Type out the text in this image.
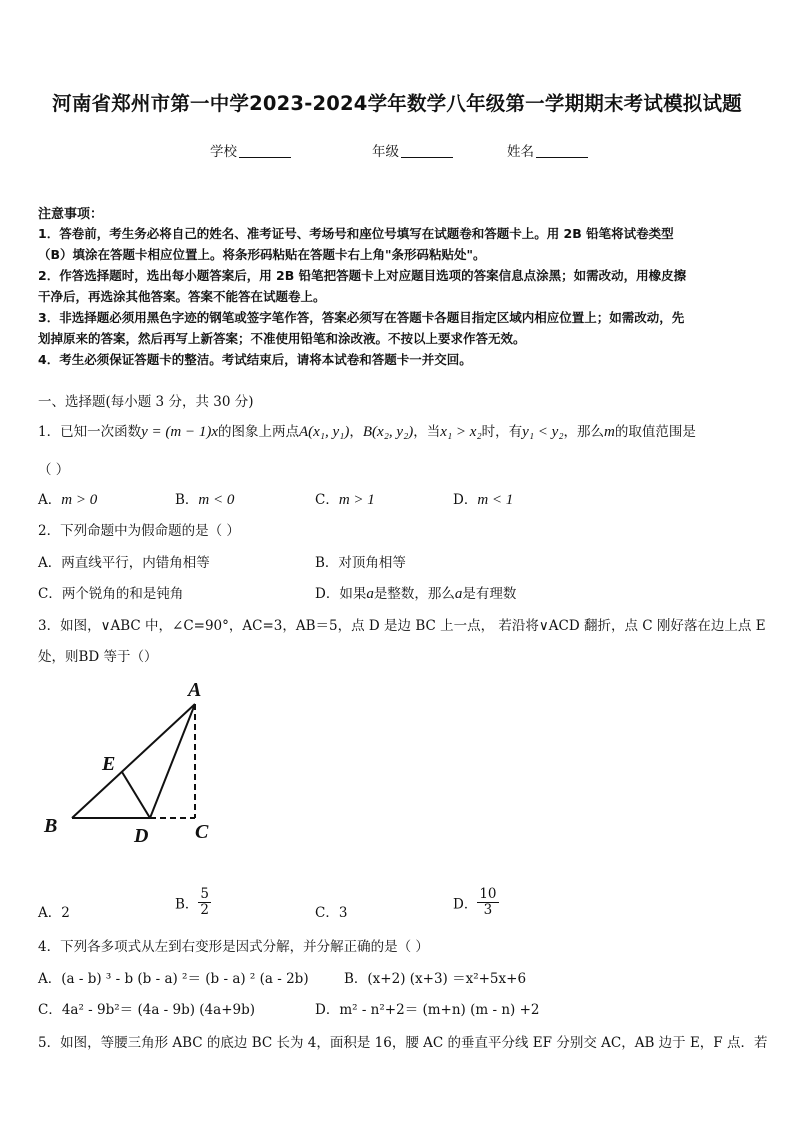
河南省郑州市第一中学2023-2024学年数学八年级第一学期期末考试模拟试题
学校	年级	姓名
注意事项：
1．答卷前，考生务必将自己的姓名、准考证号、考场号和座位号填写在试题卷和答题卡上。用 2B 铅笔将试卷类型
（B）填涂在答题卡相应位置上。将条形码粘贴在答题卡右上角"条形码粘贴处"。
2．作答选择题时，选出每小题答案后，用 2B 铅笔把答题卡上对应题目选项的答案信息点涂黑；如需改动，用橡皮擦
干净后，再选涂其他答案。答案不能答在试题卷上。
3．非选择题必须用黑色字迹的钢笔或签字笔作答，答案必须写在答题卡各题目指定区域内相应位置上；如需改动，先
划掉原来的答案，然后再写上新答案；不准使用铅笔和涂改液。不按以上要求作答无效。
4．考生必须保证答题卡的整洁。考试结束后，请将本试卷和答题卡一并交回。
一、选择题(每小题 3 分，共 30 分)
1．已知一次函数y = (m − 1)x的图象上两点A(x₁, y₁)，B(x₂, y₂)，当x₁ > x₂时，有y₁ < y₂，那么m的取值范围是
（ ）
A．m > 0	B．m < 0	C．m > 1	D．m < 1
2．下列命题中为假命题的是（ ）
A．两直线平行，内错角相等	B．对顶角相等
C．两个锐角的和是钝角	D．如果a是整数，那么a是有理数
3．如图，∨ABC 中，∠C=90°，AC=3，AB＝5，点 D 是边 BC 上一点， 若沿将∨ACD 翻折，点 C 刚好落在边上点 E
处，则BD 等于（）
A
B	C
D
E
A．2
B． $\frac{5}{2}$	C．3
D． $\frac{10}{3}$
4．下列各多项式从左到右变形是因式分解，并分解正确的是（ ）
A．(a - b) ³ - b (b - a) ²＝ (b - a) ² (a - 2b)	B．(x+2) (x+3) ＝x²+5x+6
C．4a² - 9b²＝ (4a - 9b) (4a+9b)	D．m² - n²+2＝ (m+n) (m - n) +2
5．如图，等腰三角形 ABC 的底边 BC 长为 4，面积是 16，腰 AC 的垂直平分线 EF 分别交 AC，AB 边于 E，F 点．若
